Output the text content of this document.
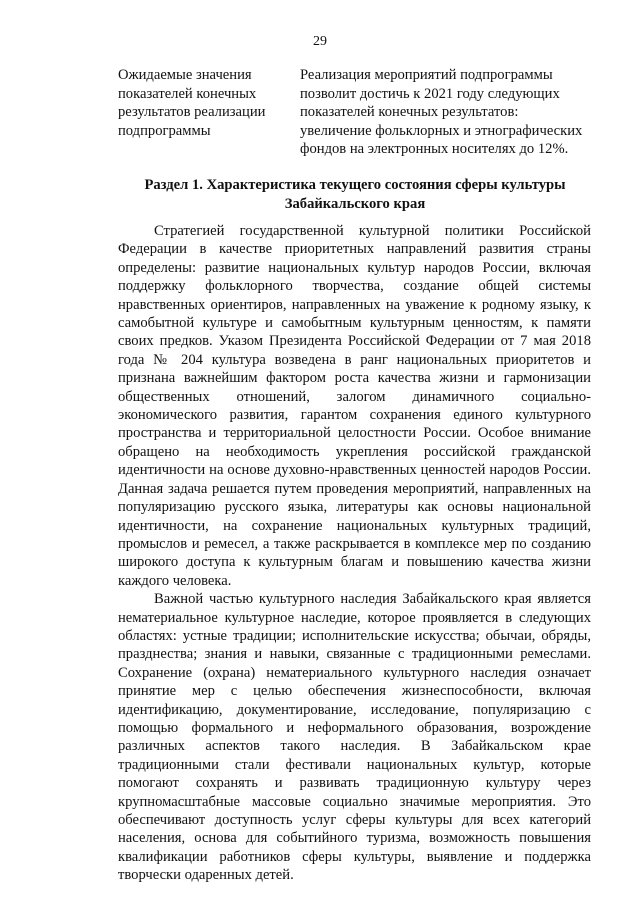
29
Ожидаемые значения показателей конечных результатов реализации подпрограммы
Реализация мероприятий подпрограммы позволит достичь к 2021 году следующих показателей конечных результатов: увеличение фольклорных и этнографических фондов на электронных носителях до 12%.
Раздел 1. Характеристика текущего состояния сферы культуры Забайкальского края

Стратегией государственной культурной политики Российской Федерации в качестве приоритетных направлений развития страны определены: развитие национальных культур народов России, включая поддержку фольклорного творчества, создание общей системы нравственных ориентиров, направленных на уважение к родному языку, к самобытной культуре и самобытным культурным ценностям, к памяти своих предков. Указом Президента Российской Федерации от 7 мая 2018 года № 204 культура возведена в ранг национальных приоритетов и признана важнейшим фактором роста качества жизни и гармонизации общественных отношений, залогом динамичного социально-экономического развития, гарантом сохранения единого культурного пространства и территориальной целостности России. Особое внимание обращено на необходимость укрепления российской гражданской идентичности на основе духовно-нравственных ценностей народов России. Данная задача решается путем проведения мероприятий, направленных на популяризацию русского языка, литературы как основы национальной идентичности, на сохранение национальных культурных традиций, промыслов и ремесел, а также раскрывается в комплексе мер по созданию широкого доступа к культурным благам и повышению качества жизни каждого человека.

Важной частью культурного наследия Забайкальского края является нематериальное культурное наследие, которое проявляется в следующих областях: устные традиции; исполнительские искусства; обычаи, обряды, празднества; знания и навыки, связанные с традиционными ремеслами. Сохранение (охрана) нематериального культурного наследия означает принятие мер с целью обеспечения жизнеспособности, включая идентификацию, документирование, исследование, популяризацию с помощью формального и неформального образования, возрождение различных аспектов такого наследия. В Забайкальском крае традиционными стали фестивали национальных культур, которые помогают сохранять и развивать традиционную культуру через крупномасштабные массовые социально значимые мероприятия. Это обеспечивают доступность услуг сферы культуры для всех категорий населения, основа для событийного туризма, возможность повышения квалификации работников сферы культуры, выявление и поддержка творчески одаренных детей.
